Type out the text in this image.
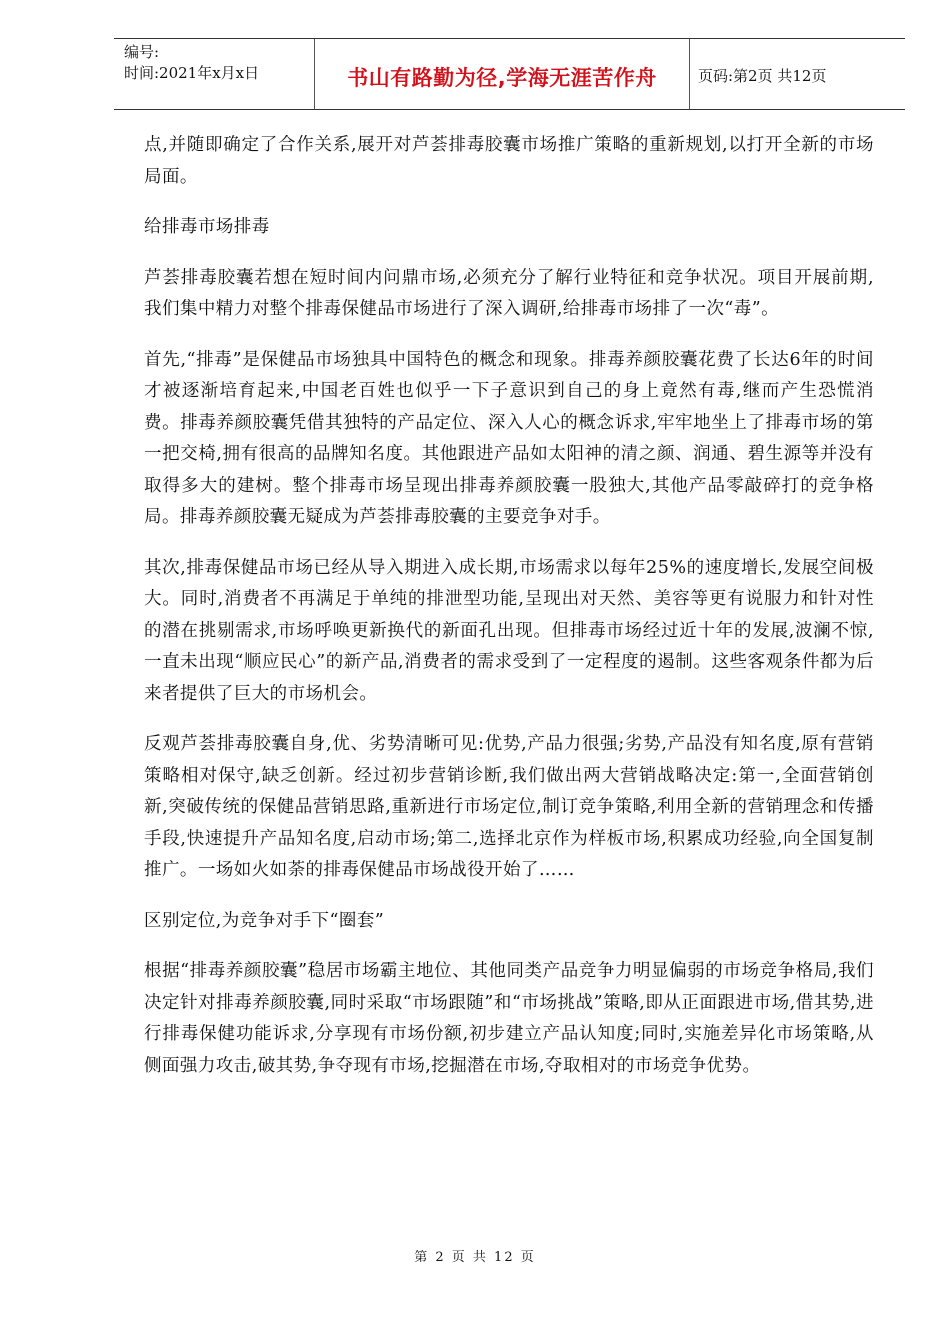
编号:
时间:2021年x月x日	书山有路勤为径,学海无涯苦作舟	页码:第2页 共12页

点,并随即确定了合作关系,展开对芦荟排毒胶囊市场推广策略的重新规划,以打开全新的市场局面。

给排毒市场排毒

芦荟排毒胶囊若想在短时间内问鼎市场,必须充分了解行业特征和竞争状况。项目开展前期,我们集中精力对整个排毒保健品市场进行了深入调研,给排毒市场排了一次“毒”。

首先,“排毒”是保健品市场独具中国特色的概念和现象。排毒养颜胶囊花费了长达6年的时间才被逐渐培育起来,中国老百姓也似乎一下子意识到自己的身上竟然有毒,继而产生恐慌消费。排毒养颜胶囊凭借其独特的产品定位、深入人心的概念诉求,牢牢地坐上了排毒市场的第一把交椅,拥有很高的品牌知名度。其他跟进产品如太阳神的清之颜、润通、碧生源等并没有取得多大的建树。整个排毒市场呈现出排毒养颜胶囊一股独大,其他产品零敲碎打的竞争格局。排毒养颜胶囊无疑成为芦荟排毒胶囊的主要竞争对手。

其次,排毒保健品市场已经从导入期进入成长期,市场需求以每年25%的速度增长,发展空间极大。同时,消费者不再满足于单纯的排泄型功能,呈现出对天然、美容等更有说服力和针对性的潜在挑剔需求,市场呼唤更新换代的新面孔出现。但排毒市场经过近十年的发展,波澜不惊,一直未出现“顺应民心”的新产品,消费者的需求受到了一定程度的遏制。这些客观条件都为后来者提供了巨大的市场机会。

反观芦荟排毒胶囊自身,优、劣势清晰可见:优势,产品力很强;劣势,产品没有知名度,原有营销策略相对保守,缺乏创新。经过初步营销诊断,我们做出两大营销战略决定:第一,全面营销创新,突破传统的保健品营销思路,重新进行市场定位,制订竞争策略,利用全新的营销理念和传播手段,快速提升产品知名度,启动市场;第二,选择北京作为样板市场,积累成功经验,向全国复制推广。一场如火如荼的排毒保健品市场战役开始了……

区别定位,为竞争对手下“圈套”

根据“排毒养颜胶囊”稳居市场霸主地位、其他同类产品竞争力明显偏弱的市场竞争格局,我们决定针对排毒养颜胶囊,同时采取“市场跟随”和“市场挑战”策略,即从正面跟进市场,借其势,进行排毒保健功能诉求,分享现有市场份额,初步建立产品认知度;同时,实施差异化市场策略,从侧面强力攻击,破其势,争夺现有市场,挖掘潜在市场,夺取相对的市场竞争优势。

第 2 页 共 12 页
